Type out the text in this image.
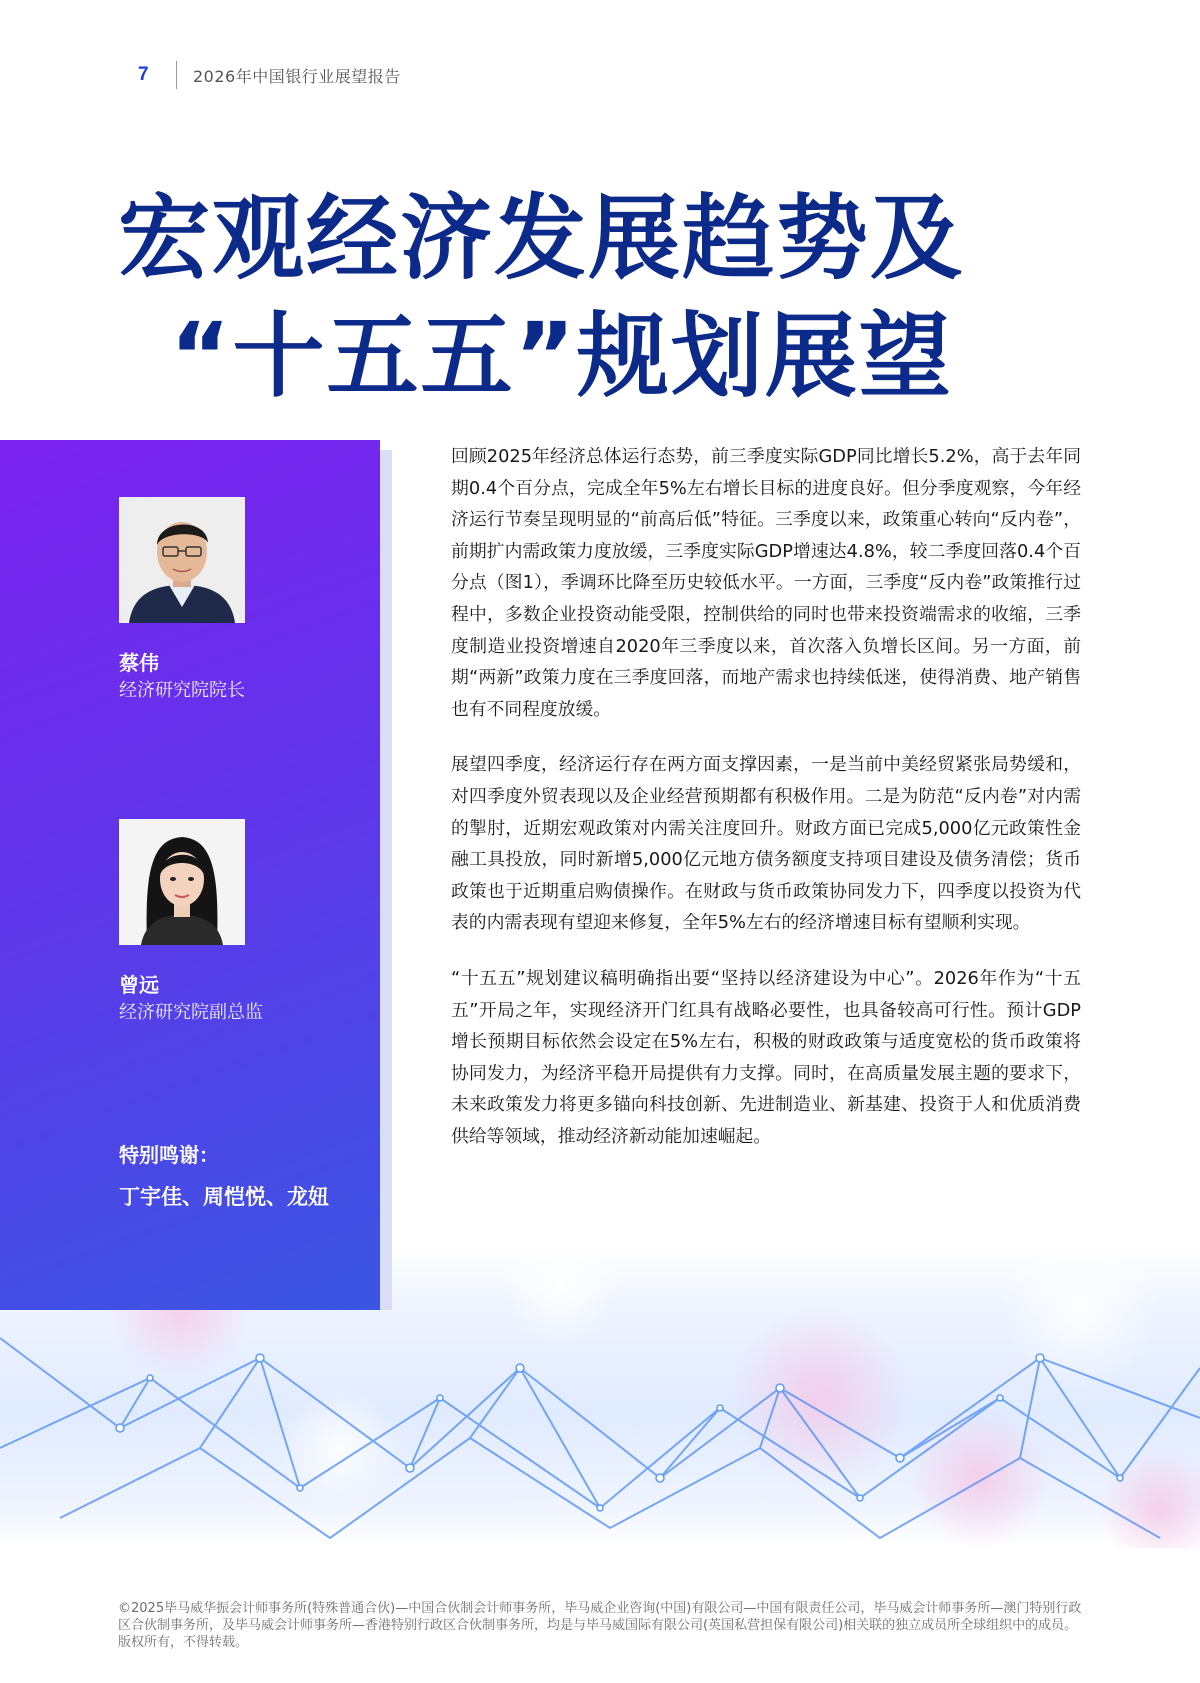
7	2026年中国银行业展望报告
宏观经济发展趋势及
“十五五”规划展望
蔡伟
经济研究院院长
曾远
经济研究院副总监
特别鸣谢：
丁宇佳、周恺悦、龙妞

回顾2025年经济总体运行态势，前三季度实际GDP同比增长5.2%，高于去年同期0.4个百分点，完成全年5%左右增长目标的进度良好。但分季度观察，今年经济运行节奏呈现明显的“前高后低”特征。三季度以来，政策重心转向“反内卷”，前期扩内需政策力度放缓，三季度实际GDP增速达4.8%，较二季度回落0.4个百分点（图1），季调环比降至历史较低水平。一方面，三季度“反内卷”政策推行过程中，多数企业投资动能受限，控制供给的同时也带来投资端需求的收缩，三季度制造业投资增速自2020年三季度以来，首次落入负增长区间。另一方面，前期“两新”政策力度在三季度回落，而地产需求也持续低迷，使得消费、地产销售也有不同程度放缓。

展望四季度，经济运行存在两方面支撑因素，一是当前中美经贸紧张局势缓和，对四季度外贸表现以及企业经营预期都有积极作用。二是为防范“反内卷”对内需的掣肘，近期宏观政策对内需关注度回升。财政方面已完成5,000亿元政策性金融工具投放，同时新增5,000亿元地方债务额度支持项目建设及债务清偿；货币政策也于近期重启购债操作。在财政与货币政策协同发力下，四季度以投资为代表的内需表现有望迎来修复，全年5%左右的经济增速目标有望顺利实现。

“十五五”规划建议稿明确指出要“坚持以经济建设为中心”。2026年作为“十五五”开局之年，实现经济开门红具有战略必要性，也具备较高可行性。预计GDP增长预期目标依然会设定在5%左右，积极的财政政策与适度宽松的货币政策将协同发力，为经济平稳开局提供有力支撑。同时，在高质量发展主题的要求下，未来政策发力将更多锚向科技创新、先进制造业、新基建、投资于人和优质消费供给等领域，推动经济新动能加速崛起。

©2025毕马威华振会计师事务所(特殊普通合伙)—中国合伙制会计师事务所，毕马威企业咨询(中国)有限公司—中国有限责任公司，毕马威会计师事务所—澳门特别行政区合伙制事务所，及毕马威会计师事务所—香港特别行政区合伙制事务所，均是与毕马威国际有限公司(英国私营担保有限公司)相关联的独立成员所全球组织中的成员。版权所有，不得转载。
